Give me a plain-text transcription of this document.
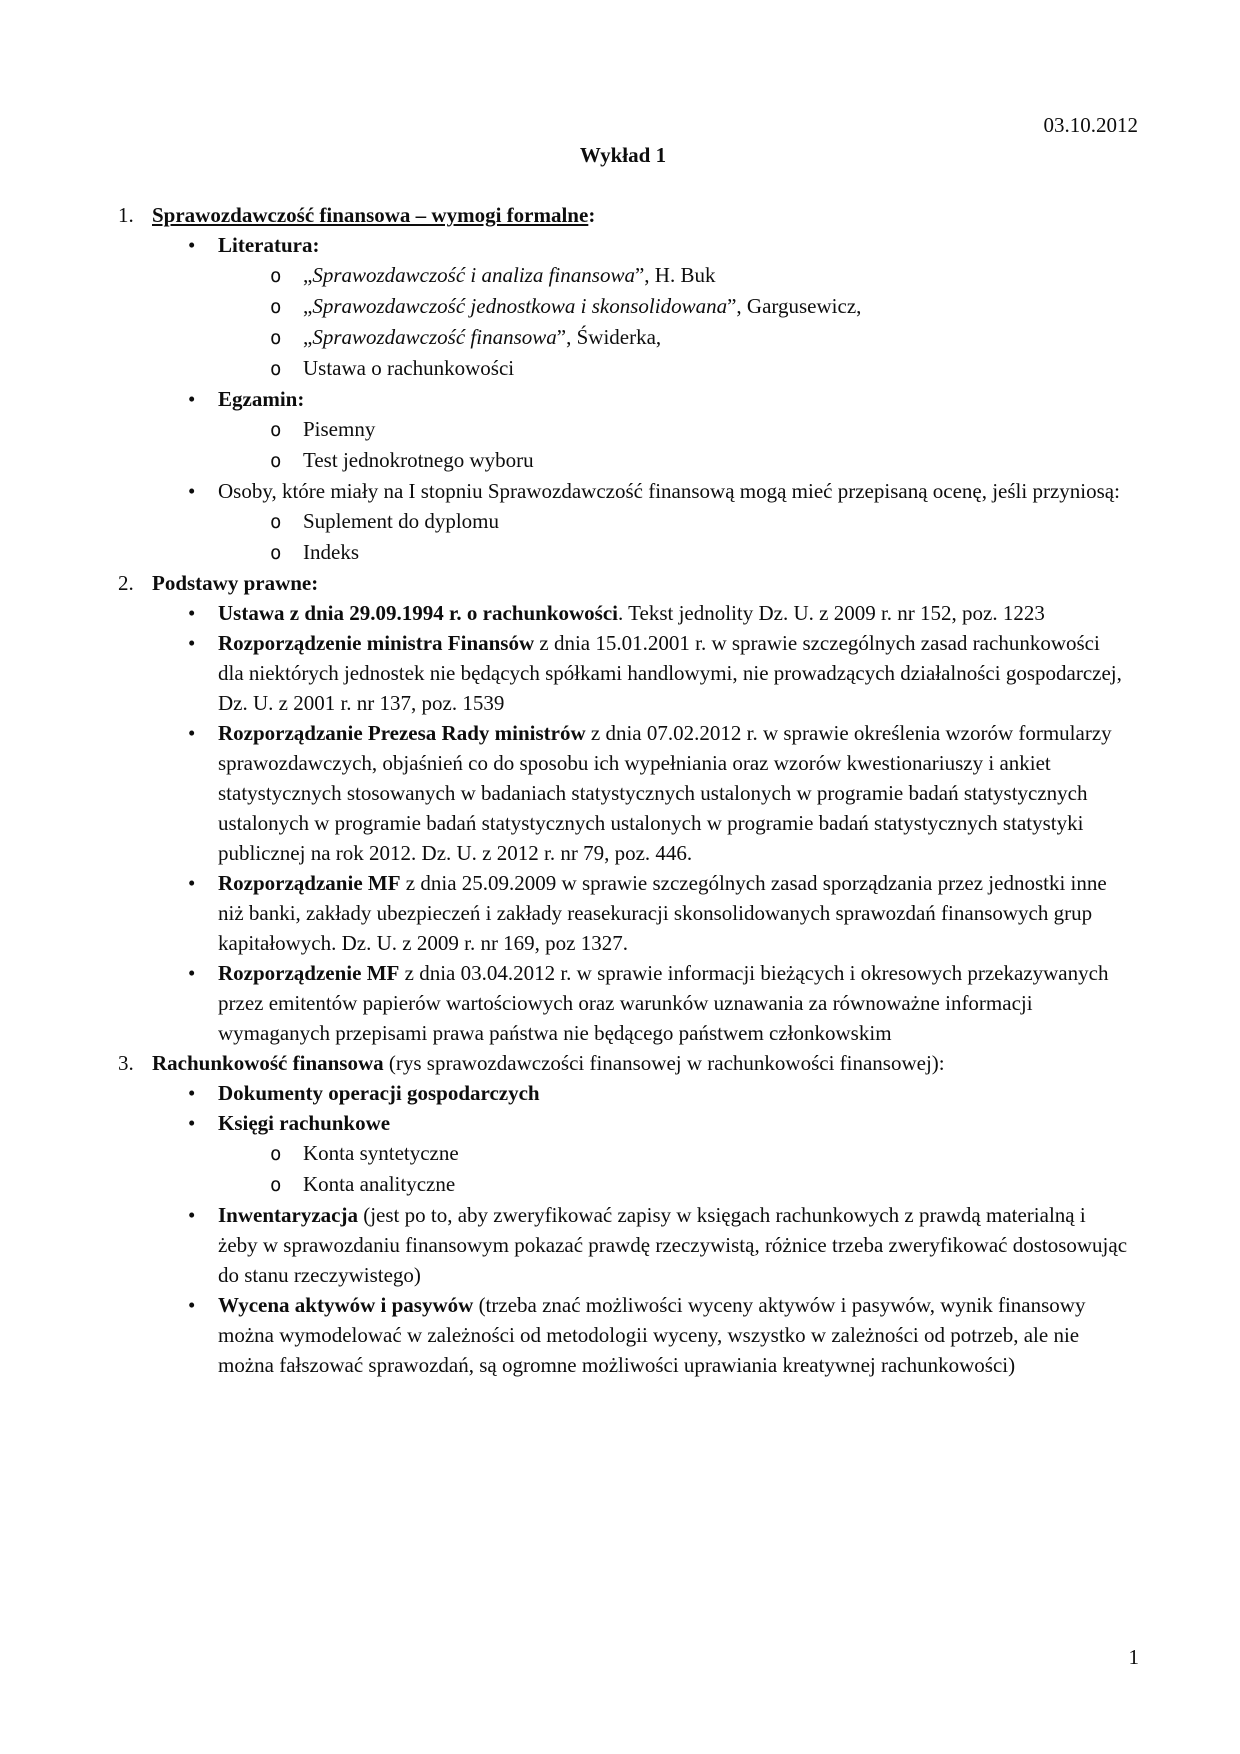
03.10.2012
Wykład 1
1. Sprawozdawczość finansowa – wymogi formalne:
•	Literatura:
o	„Sprawozdawczość i analiza finansowa”, H. Buk
o	„Sprawozdawczość jednostkowa i skonsolidowana”, Gargusewicz,
o	„Sprawozdawczość finansowa”, Świderka,
o	Ustawa o rachunkowości
•	Egzamin:
o	Pisemny
o	Test jednokrotnego wyboru
•	Osoby, które miały na I stopniu Sprawozdawczość finansową mogą mieć przepisaną ocenę, jeśli przyniosą:
o	Suplement do dyplomu
o	Indeks
2. Podstawy prawne:
•	Ustawa z dnia 29.09.1994 r. o rachunkowości. Tekst jednolity Dz. U. z 2009 r. nr 152, poz. 1223
•	Rozporządzenie ministra Finansów z dnia 15.01.2001 r. w sprawie szczególnych zasad rachunkowości dla niektórych jednostek nie będących spółkami handlowymi, nie prowadzących działalności gospodarczej, Dz. U. z 2001 r. nr 137, poz. 1539
•	Rozporządzanie Prezesa Rady ministrów z dnia 07.02.2012 r. w sprawie określenia wzorów formularzy sprawozdawczych, objaśnień co do sposobu ich wypełniania oraz wzorów kwestionariuszy i ankiet statystycznych stosowanych w badaniach statystycznych ustalonych w programie badań statystycznych ustalonych w programie badań statystycznych ustalonych w programie badań statystycznych statystyki publicznej na rok 2012. Dz. U. z 2012 r. nr 79, poz. 446.
•	Rozporządzanie MF z dnia 25.09.2009 w sprawie szczególnych zasad sporządzania przez jednostki inne niż banki, zakłady ubezpieczeń i zakłady reasekuracji skonsolidowanych sprawozdań finansowych grup kapitałowych. Dz. U. z 2009 r. nr 169, poz 1327.
•	Rozporządzenie MF z dnia 03.04.2012 r. w sprawie informacji bieżących i okresowych przekazywanych przez emitentów papierów wartościowych oraz warunków uznawania za równoważne informacji wymaganych przepisami prawa państwa nie będącego państwem członkowskim
3. Rachunkowość finansowa (rys sprawozdawczości finansowej w rachunkowości finansowej):
•	Dokumenty operacji gospodarczych
•	Księgi rachunkowe
o	Konta syntetyczne
o	Konta analityczne
•	Inwentaryzacja (jest po to, aby zweryfikować zapisy w księgach rachunkowych z prawdą materialną i żeby w sprawozdaniu finansowym pokazać prawdę rzeczywistą, różnice trzeba zweryfikować dostosowując do stanu rzeczywistego)
•	Wycena aktywów i pasywów (trzeba znać możliwości wyceny aktywów i pasywów, wynik finansowy można wymodelować w zależności od metodologii wyceny, wszystko w zależności od potrzeb, ale nie można fałszować sprawozdań, są ogromne możliwości uprawiania kreatywnej rachunkowości)
1
